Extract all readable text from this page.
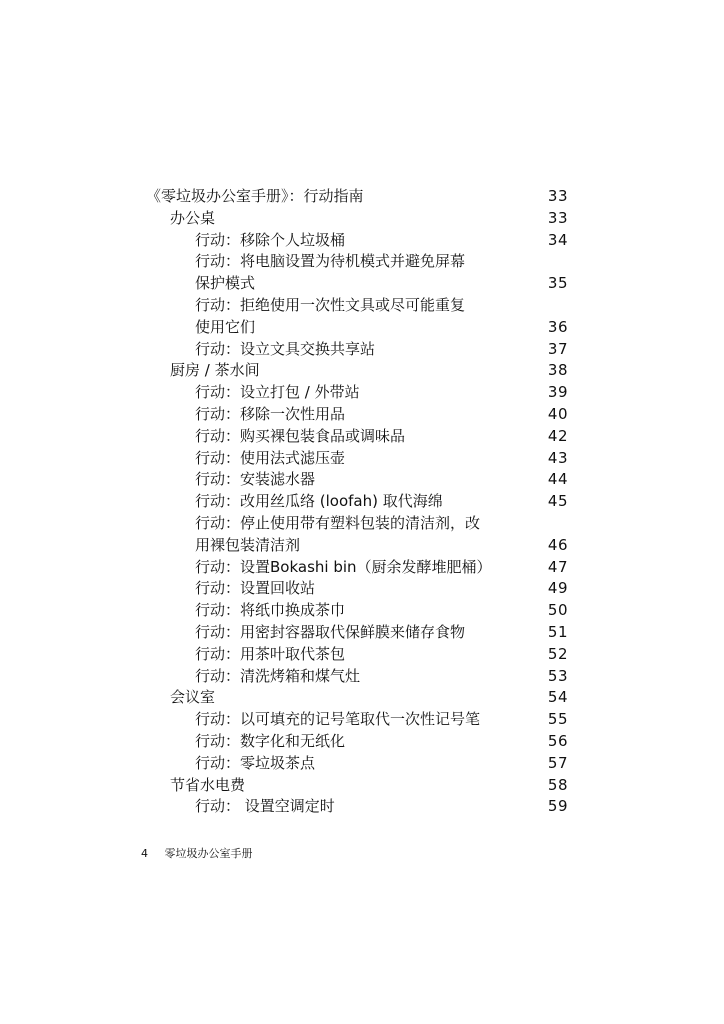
《零垃圾办公室手册》：行动指南	33
办公桌	33
行动：移除个人垃圾桶	34
行动：将电脑设置为待机模式并避免屏幕
保护模式	35
行动：拒绝使用一次性文具或尽可能重复
使用它们	36
行动：设立文具交换共享站	37
厨房 / 茶水间	38
行动：设立打包 / 外带站	39
行动：移除一次性用品	40
行动：购买裸包装食品或调味品	42
行动：使用法式滤压壶	43
行动：安装滤水器	44
行动：改用丝瓜络 (loofah) 取代海绵	45
行动：停止使用带有塑料包装的清洁剂，改
用裸包装清洁剂	46
行动：设置Bokashi bin（厨余发酵堆肥桶）	47
行动：设置回收站	49
行动：将纸巾换成茶巾	50
行动：用密封容器取代保鲜膜来储存食物	51
行动：用茶叶取代茶包	52
行动：清洗烤箱和煤气灶	53
会议室	54
行动：以可填充的记号笔取代一次性记号笔	55
行动：数字化和无纸化	56
行动：零垃圾茶点	57
节省水电费	58
行动： 设置空调定时	59
4 零垃圾办公室手册
